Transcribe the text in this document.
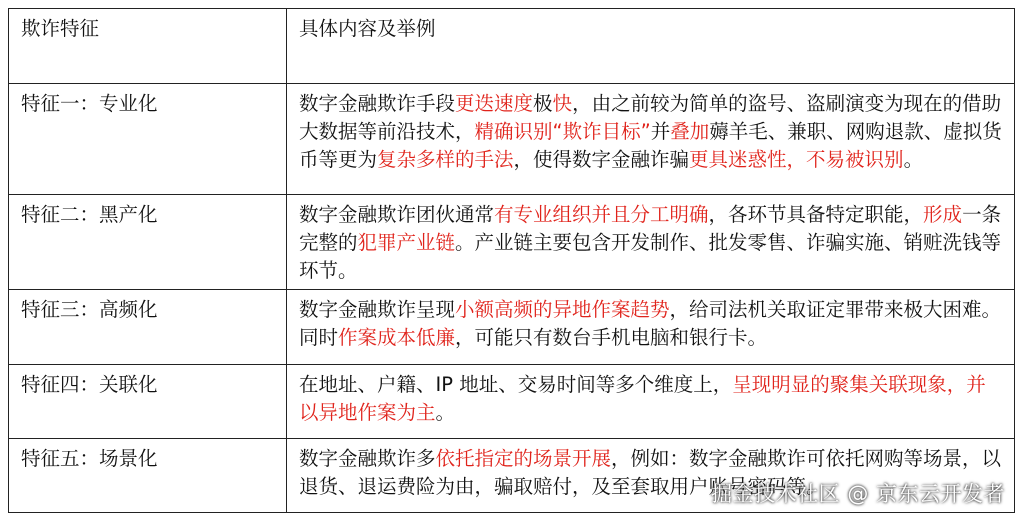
欺诈特征	具体内容及举例
特征一：专业化	数字金融欺诈手段更迭速度极快，由之前较为简单的盗号、盗刷演变为现在的借助大数据等前沿技术，精确识别“欺诈目标”并叠加薅羊毛、兼职、网购退款、虚拟货币等更为复杂多样的手法，使得数字金融诈骗更具迷惑性，不易被识别。
特征二：黑产化	数字金融欺诈团伙通常有专业组织并且分工明确，各环节具备特定职能，形成一条完整的犯罪产业链。产业链主要包含开发制作、批发零售、诈骗实施、销赃洗钱等环节。
特征三：高频化	数字金融欺诈呈现小额高频的异地作案趋势，给司法机关取证定罪带来极大困难。同时作案成本低廉，可能只有数台手机电脑和银行卡。
特征四：关联化	在地址、户籍、IP 地址、交易时间等多个维度上，呈现明显的聚集关联现象，并以异地作案为主。
特征五：场景化	数字金融欺诈多依托指定的场景开展，例如：数字金融欺诈可依托网购等场景，以退货、退运费险为由，骗取赔付，及至套取用户账号密码等。
掘金技术社区 @ 京东云开发者
